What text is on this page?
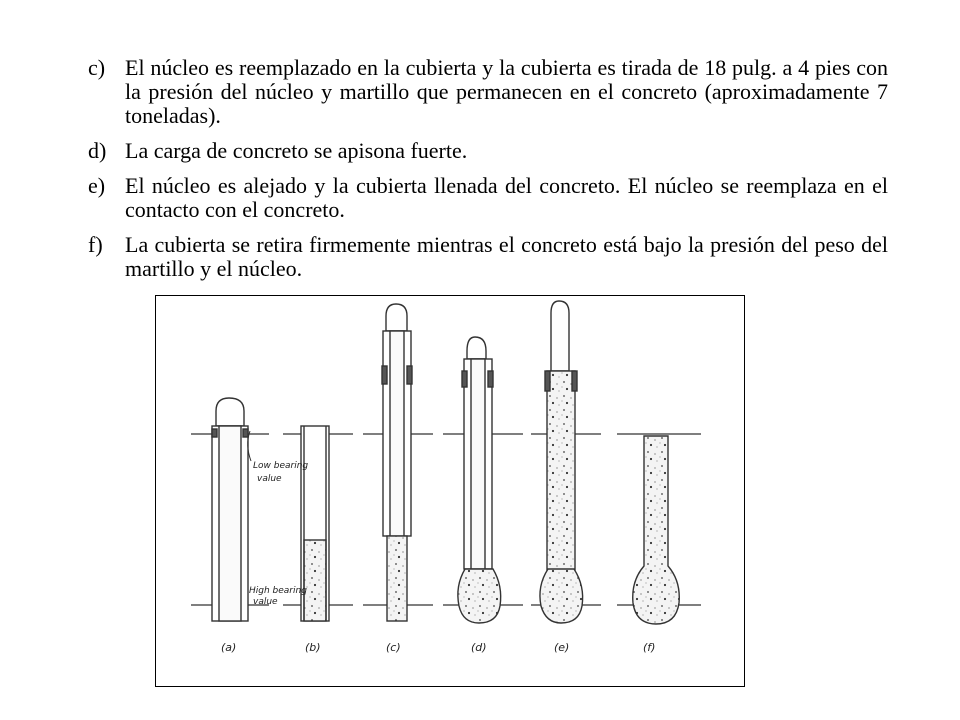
c) El núcleo es reemplazado en la cubierta y la cubierta es tirada de 18 pulg. a 4 pies con la presión del núcleo y martillo que permanecen en el concreto (aproximadamente 7 toneladas).
d) La carga de concreto se apisona fuerte.
e) El núcleo es alejado y la cubierta llenada del concreto. El núcleo se reemplaza en el contacto con el concreto.
f)	La cubierta se retira firmemente mientras el concreto está bajo la presión del peso del martillo y el núcleo.
Low bearing
value
High bearing
value
(a)	(b)	(c)	(d)	(e)	(f)
